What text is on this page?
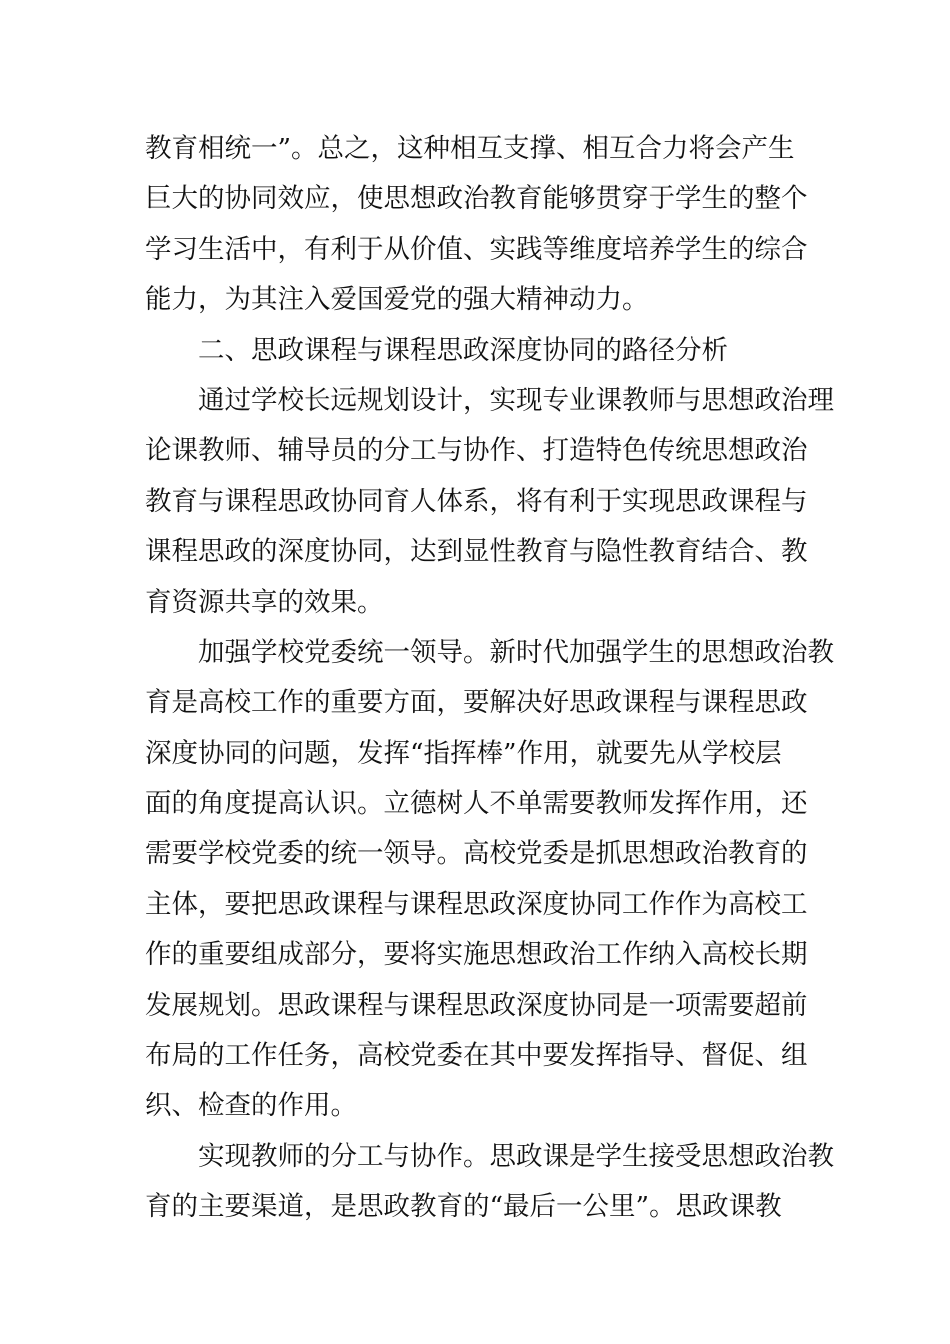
教育相统一”。总之，这种相互支撑、相互合力将会产生
巨大的协同效应，使思想政治教育能够贯穿于学生的整个
学习生活中，有利于从价值、实践等维度培养学生的综合
能力，为其注入爱国爱党的强大精神动力。
　　二、思政课程与课程思政深度协同的路径分析
　　通过学校长远规划设计，实现专业课教师与思想政治理
论课教师、辅导员的分工与协作、打造特色传统思想政治
教育与课程思政协同育人体系，将有利于实现思政课程与
课程思政的深度协同，达到显性教育与隐性教育结合、教
育资源共享的效果。
　　加强学校党委统一领导。新时代加强学生的思想政治教
育是高校工作的重要方面，要解决好思政课程与课程思政
深度协同的问题，发挥“指挥棒”作用，就要先从学校层
面的角度提高认识。立德树人不单需要教师发挥作用，还
需要学校党委的统一领导。高校党委是抓思想政治教育的
主体，要把思政课程与课程思政深度协同工作作为高校工
作的重要组成部分，要将实施思想政治工作纳入高校长期
发展规划。思政课程与课程思政深度协同是一项需要超前
布局的工作任务，高校党委在其中要发挥指导、督促、组
织、检查的作用。
　　实现教师的分工与协作。思政课是学生接受思想政治教
育的主要渠道，是思政教育的“最后一公里”。思政课教
